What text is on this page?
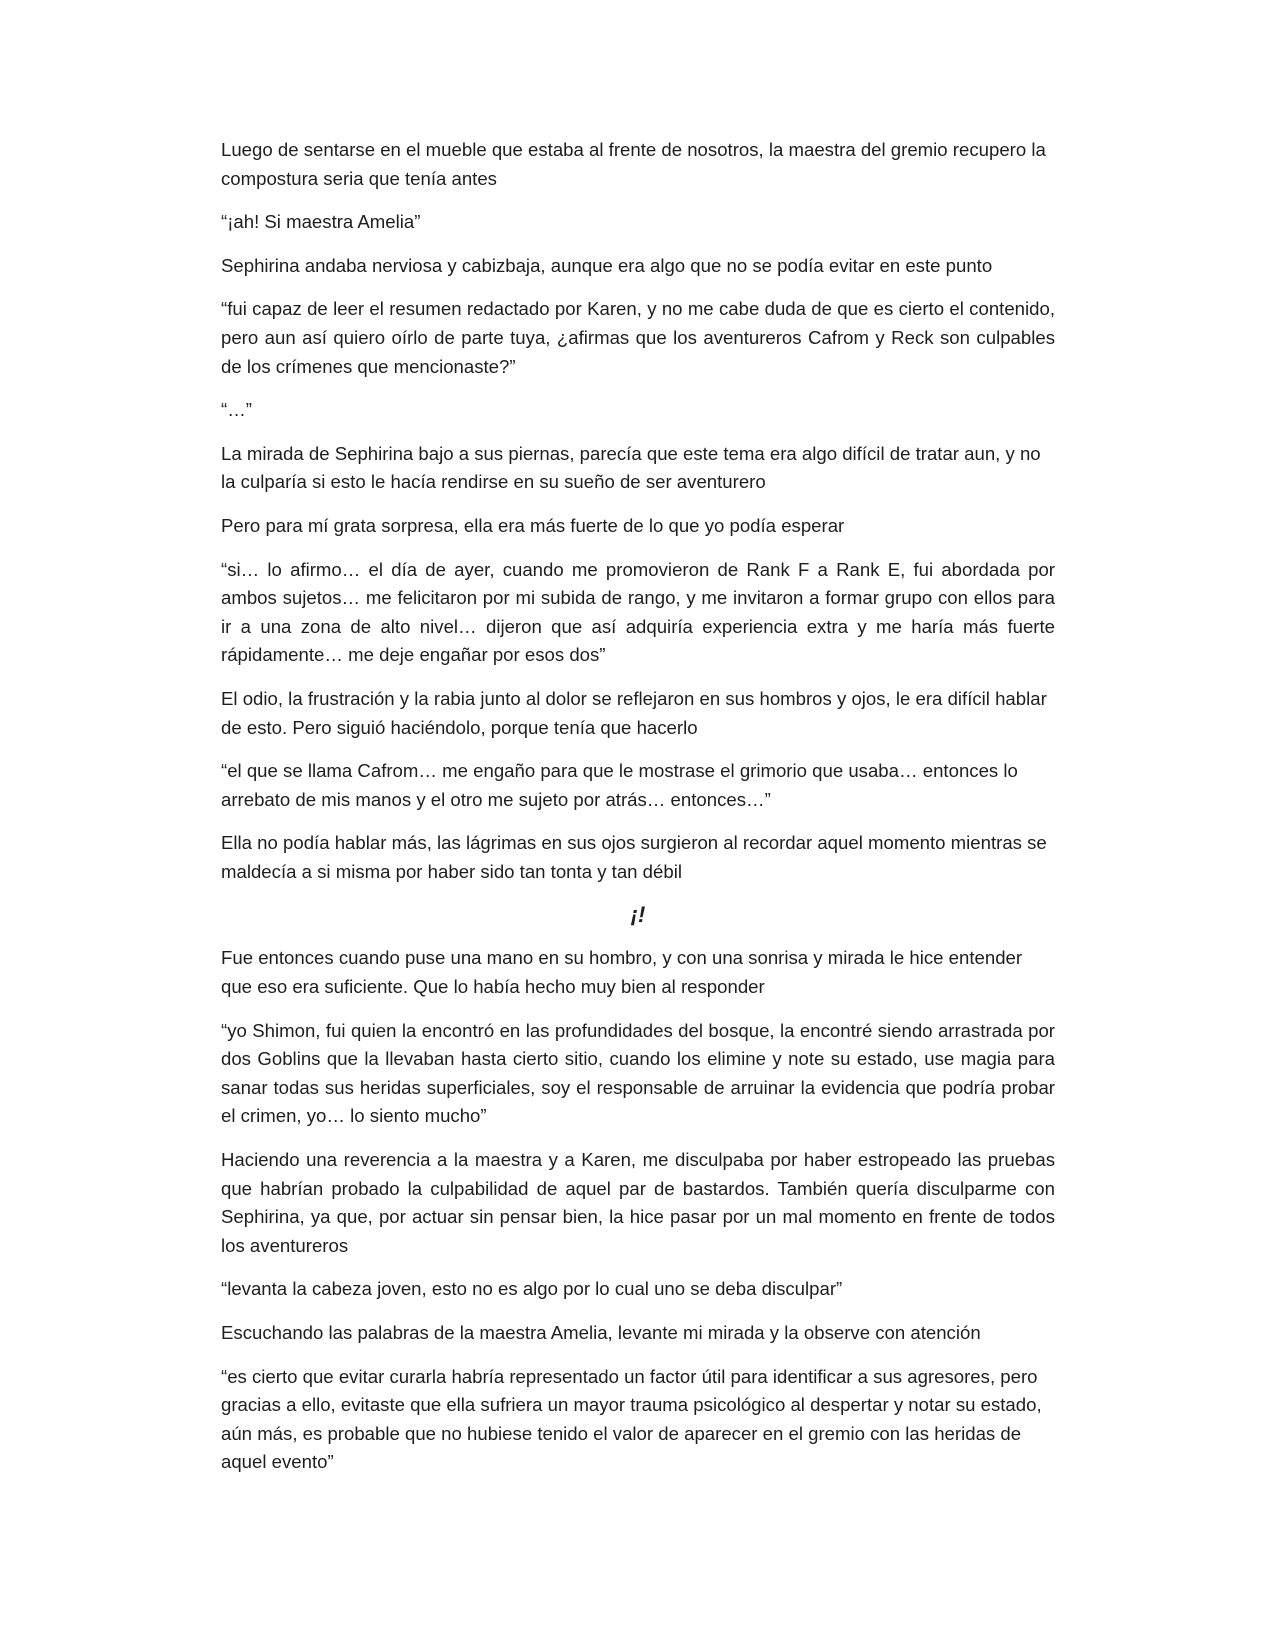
Luego de sentarse en el mueble que estaba al frente de nosotros, la maestra del gremio recupero la compostura seria que tenía antes

“¡ah! Si maestra Amelia”

Sephirina andaba nerviosa y cabizbaja, aunque era algo que no se podía evitar en este punto

“fui capaz de leer el resumen redactado por Karen, y no me cabe duda de que es cierto el contenido, pero aun así quiero oírlo de parte tuya, ¿afirmas que los aventureros Cafrom y Reck son culpables de los crímenes que mencionaste?”

“…”

La mirada de Sephirina bajo a sus piernas, parecía que este tema era algo difícil de tratar aun, y no la culparía si esto le hacía rendirse en su sueño de ser aventurero

Pero para mí grata sorpresa, ella era más fuerte de lo que yo podía esperar

“si… lo afirmo… el día de ayer, cuando me promovieron de Rank F a Rank E, fui abordada por ambos sujetos… me felicitaron por mi subida de rango, y me invitaron a formar grupo con ellos para ir a una zona de alto nivel… dijeron que así adquiría experiencia extra y me haría más fuerte rápidamente… me deje engañar por esos dos”

El odio, la frustración y la rabia junto al dolor se reflejaron en sus hombros y ojos, le era difícil hablar de esto. Pero siguió haciéndolo, porque tenía que hacerlo

“el que se llama Cafrom… me engaño para que le mostrase el grimorio que usaba… entonces lo arrebato de mis manos y el otro me sujeto por atrás… entonces…”

Ella no podía hablar más, las lágrimas en sus ojos surgieron al recordar aquel momento mientras se maldecía a si misma por haber sido tan tonta y tan débil

¡!

Fue entonces cuando puse una mano en su hombro, y con una sonrisa y mirada le hice entender que eso era suficiente. Que lo había hecho muy bien al responder

“yo Shimon, fui quien la encontró en las profundidades del bosque, la encontré siendo arrastrada por dos Goblins que la llevaban hasta cierto sitio, cuando los elimine y note su estado, use magia para sanar todas sus heridas superficiales, soy el responsable de arruinar la evidencia que podría probar el crimen, yo… lo siento mucho”

Haciendo una reverencia a la maestra y a Karen, me disculpaba por haber estropeado las pruebas que habrían probado la culpabilidad de aquel par de bastardos. También quería disculparme con Sephirina, ya que, por actuar sin pensar bien, la hice pasar por un mal momento en frente de todos los aventureros

“levanta la cabeza joven, esto no es algo por lo cual uno se deba disculpar”

Escuchando las palabras de la maestra Amelia, levante mi mirada y la observe con atención

“es cierto que evitar curarla habría representado un factor útil para identificar a sus agresores, pero gracias a ello, evitaste que ella sufriera un mayor trauma psicológico al despertar y notar su estado, aún más, es probable que no hubiese tenido el valor de aparecer en el gremio con las heridas de aquel evento”
